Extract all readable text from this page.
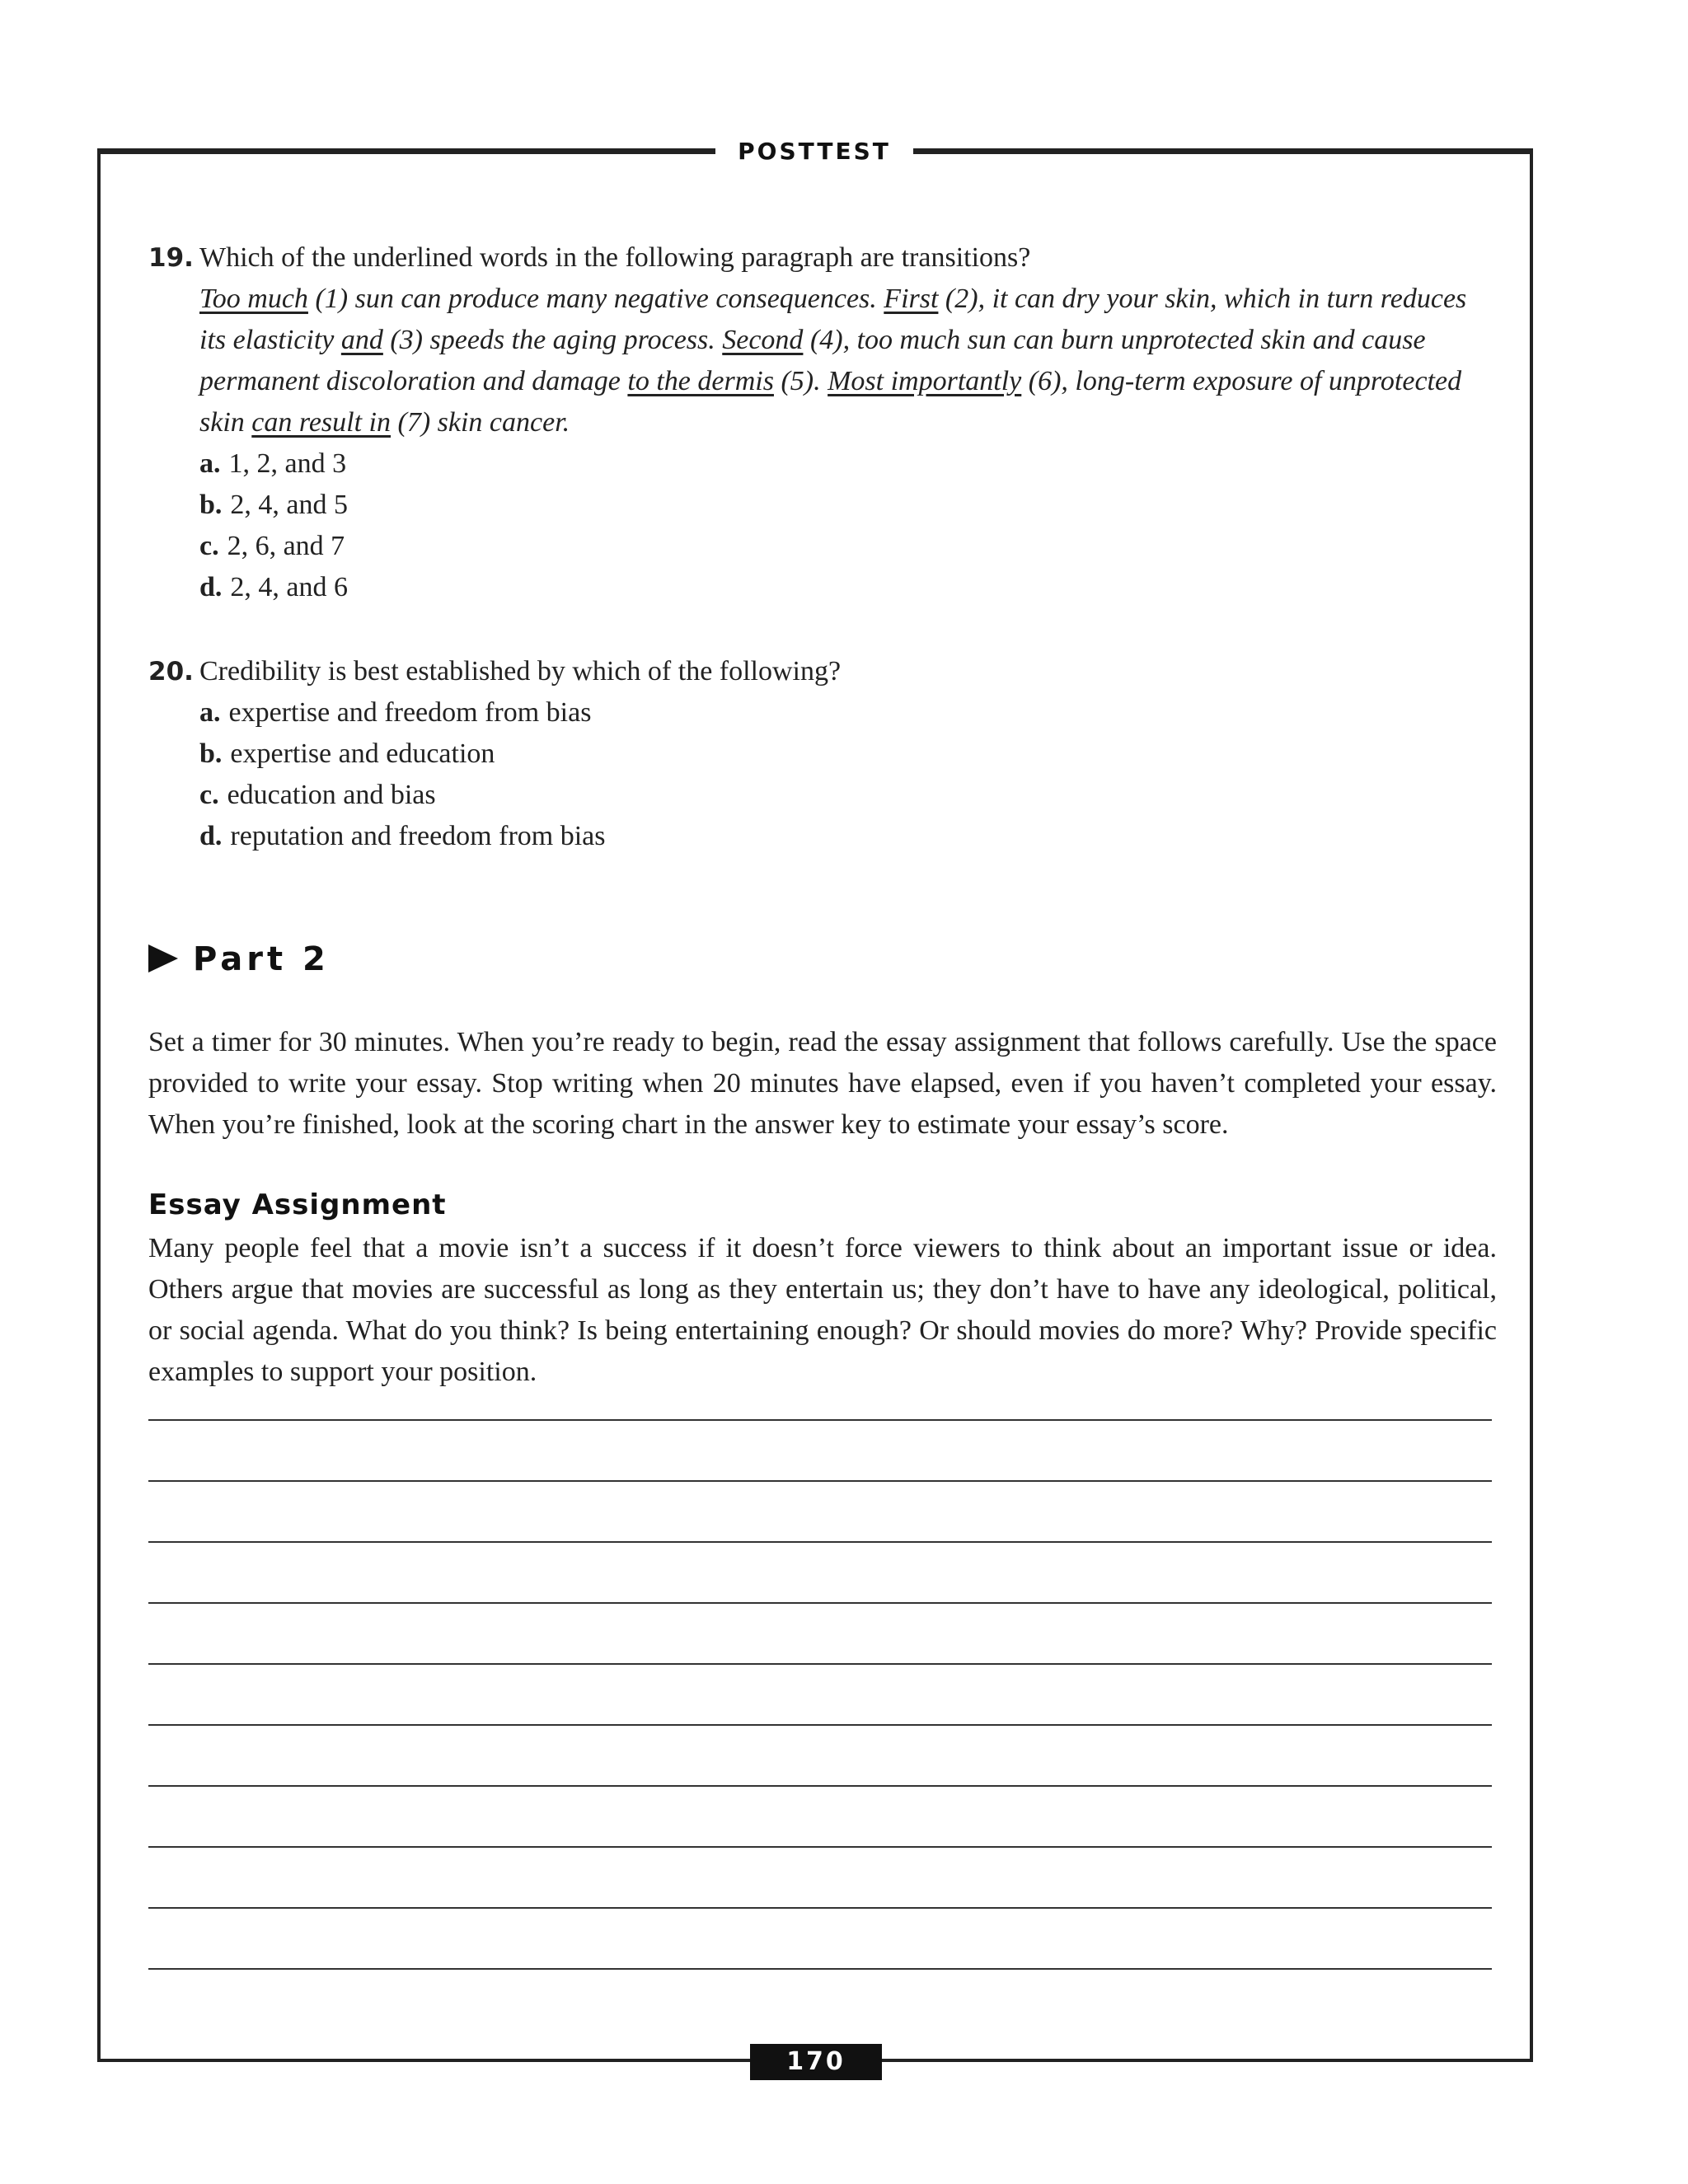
POSTTEST
19. Which of the underlined words in the following paragraph are transitions?
Too much (1) sun can produce many negative consequences. First (2), it can dry your skin, which in turn reduces its elasticity and (3) speeds the aging process. Second (4), too much sun can burn unprotected skin and cause permanent discoloration and damage to the dermis (5). Most importantly (6), long-term exposure of unprotected skin can result in (7) skin cancer.
a. 1, 2, and 3
b. 2, 4, and 5
c. 2, 6, and 7
d. 2, 4, and 6
20. Credibility is best established by which of the following?
a. expertise and freedom from bias
b. expertise and education
c. education and bias
d. reputation and freedom from bias
Part 2
Set a timer for 30 minutes. When you’re ready to begin, read the essay assignment that follows carefully. Use the space provided to write your essay. Stop writing when 20 minutes have elapsed, even if you haven’t completed your essay. When you’re finished, look at the scoring chart in the answer key to estimate your essay’s score.
Essay Assignment
Many people feel that a movie isn’t a success if it doesn’t force viewers to think about an important issue or idea. Others argue that movies are successful as long as they entertain us; they don’t have to have any ideological, political, or social agenda. What do you think? Is being entertaining enough? Or should movies do more? Why? Provide specific examples to support your position.
170
